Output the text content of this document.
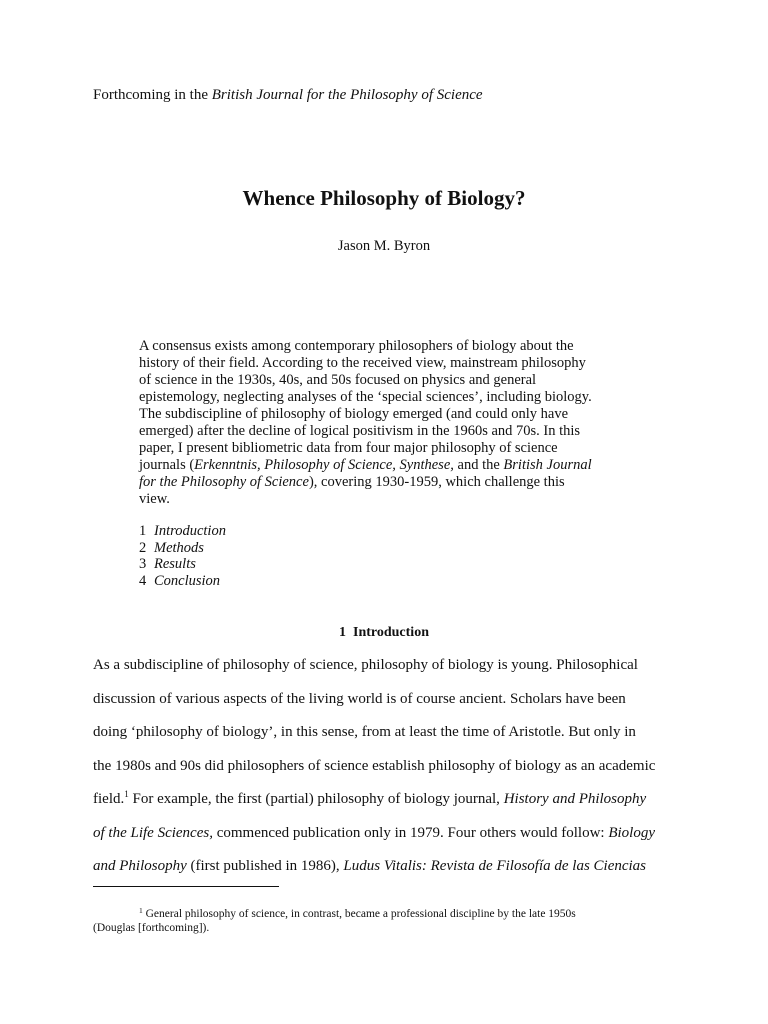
Forthcoming in the British Journal for the Philosophy of Science
Whence Philosophy of Biology?
Jason M. Byron
A consensus exists among contemporary philosophers of biology about the
history of their field. According to the received view, mainstream philosophy
of science in the 1930s, 40s, and 50s focused on physics and general
epistemology, neglecting analyses of the ‘special sciences’, including biology.
The subdiscipline of philosophy of biology emerged (and could only have
emerged) after the decline of logical positivism in the 1960s and 70s. In this
paper, I present bibliometric data from four major philosophy of science
journals (Erkenntnis, Philosophy of Science, Synthese, and the British Journal
for the Philosophy of Science), covering 1930-1959, which challenge this
view.
1 Introduction
2 Methods
3 Results
4 Conclusion
1  Introduction
As a subdiscipline of philosophy of science, philosophy of biology is young. Philosophical
discussion of various aspects of the living world is of course ancient. Scholars have been
doing ‘philosophy of biology’, in this sense, from at least the time of Aristotle. But only in
the 1980s and 90s did philosophers of science establish philosophy of biology as an academic
field.$^1$ For example, the first (partial) philosophy of biology journal, History and Philosophy
of the Life Sciences, commenced publication only in 1979. Four others would follow: Biology
and Philosophy (first published in 1986), Ludus Vitalis: Revista de Filosofía de las Ciencias
$^1$ General philosophy of science, in contrast, became a professional discipline by the late 1950s
(Douglas [forthcoming]).
